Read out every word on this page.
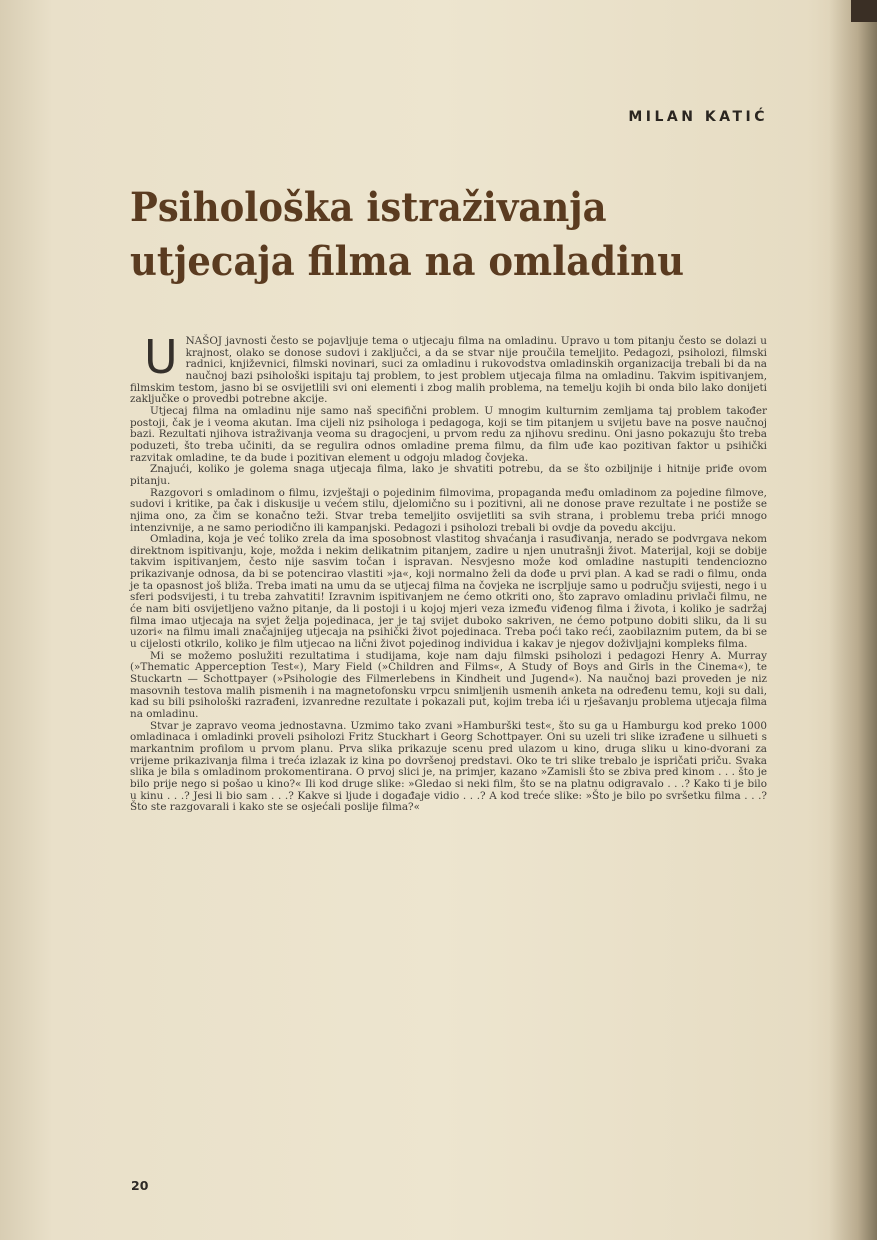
MILAN KATIĆ
Psihološka istraživanja utjecaja filma na omladinu

UNAŠOJ javnosti često se pojavljuje tema o utjecaju filma na omladinu. Upravo u tom pitanju često se dolazi u krajnost, olako se donose sudovi i zaključci, a da se stvar nije proučila temeljito. Pedagozi, psiholozi, filmski radnici, književnici, filmski novinari, suci za omladinu i rukovodstva omladinskih organizacija trebali bi da na naučnoj bazi psihološki ispitaju taj problem, to jest problem utjecaja filma na omladinu. Takvim ispitivanjem, filmskim testom, jasno bi se osvijetlili svi oni elementi i zbog malih problema, na temelju kojih bi onda bilo lako donijeti zaključke o provedbi potrebne akcije.

Utjecaj filma na omladinu nije samo naš specifični problem. U mnogim kulturnim zemljama taj problem također postoji, čak je i veoma akutan. Ima cijeli niz psihologa i pedagoga, koji se tim pitanjem u svijetu bave na posve naučnoj bazi. Rezultati njihova istraživanja veoma su dragocjeni, u prvom redu za njihovu sredinu. Oni jasno pokazuju što treba poduzeti, što treba učiniti, da se regulira odnos omladine prema filmu, da film uđe kao pozitivan faktor u psihički razvitak omladine, te da bude i pozitivan element u odgoju mladog čovjeka.

Znajući, koliko je golema snaga utjecaja filma, lako je shvatiti potrebu, da se što ozbiljnije i hitnije priđe ovom pitanju.

Razgovori s omladinom o filmu, izvještaji o pojedinim filmovima, propaganda među omladinom za pojedine filmove, sudovi i kritike, pa čak i diskusije u većem stilu, djelomično su i pozitivni, ali ne donose prave rezultate i ne postiže se njima ono, za čim se konačno teži. Stvar treba temeljito osvijetliti sa svih strana, i problemu treba prići mnogo intenzivnije, a ne samo periodično ili kampanjski. Pedagozi i psiholozi trebali bi ovdje da povedu akciju.

Omladina, koja je već toliko zrela da ima sposobnost vlastitog shvaćanja i rasuđivanja, nerado se podvrgava nekom direktnom ispitivanju, koje, možda i nekim delikatnim pitanjem, zadire u njen unutrašnji život. Materijal, koji se dobije takvim ispitivanjem, često nije sasvim točan i ispravan. Nesvjesno može kod omladine nastupiti tendenciozno prikazivanje odnosa, da bi se potencirao vlastiti »ja«, koji normalno želi da dođe u prvi plan. A kad se radi o filmu, onda je ta opasnost još bliža. Treba imati na umu da se utjecaj filma na čovjeka ne iscrpljuje samo u području svijesti, nego i u sferi podsvijesti, i tu treba zahvatiti! Izravnim ispitivanjem ne ćemo otkriti ono, što zapravo omladinu privlači filmu, ne će nam biti osvijetljeno važno pitanje, da li postoji i u kojoj mjeri veza između viđenog filma i života, i koliko je sadržaj filma imao utjecaja na svjet želja pojedinaca, jer je taj svijet duboko sakriven, ne ćemo potpuno dobiti sliku, da li su uzori« na filmu imali značajnijeg utjecaja na psihički život pojedinaca. Treba poći tako reći, zaobilaznim putem, da bi se u cijelosti otkrilo, koliko je film utjecao na lični život pojedinog individua i kakav je njegov doživljajni kompleks filma.

Mi se možemo poslužiti rezultatima i studijama, koje nam daju filmski psiholozi i pedagozi Henry A. Murray (»Thematic Apperception Test«), Mary Field (»Children and Films«, A Study of Boys and Girls in the Cinema«), te Stuckartn — Schottpayer (»Psihologie des Filmerlebens in Kindheit und Jugend«). Na naučnoj bazi proveden je niz masovnih testova malih pismenih i na magnetofonsku vrpcu snimljenih usmenih anketa na određenu temu, koji su dali, kad su bili psihološki razrađeni, izvanredne rezultate i pokazali put, kojim treba ići u rješavanju problema utjecaja filma na omladinu.

Stvar je zapravo veoma jednostavna. Uzmimo tako zvani »Hamburški test«, što su ga u Hamburgu kod preko 1000 omladinaca i omladinki proveli psiholozi Fritz Stuckhart i Georg Schottpayer. Oni su uzeli tri slike izrađene u silhueti s markantnim profilom u prvom planu. Prva slika prikazuje scenu pred ulazom u kino, druga sliku u kino-dvorani za vrijeme prikazivanja filma i treća izlazak iz kina po dovršenoj predstavi. Oko te tri slike trebalo je ispričati priču. Svaka slika je bila s omladinom prokomentirana. O prvoj slici je, na primjer, kazano »Zamisli što se zbiva pred kinom . . . što je bilo prije nego si pošao u kino?« Ili kod druge slike: »Gledao si neki film, što se na platnu odigravalo . . .? Kako ti je bilo u kinu . . .? Jesi li bio sam . . .? Kakve si ljude i događaje vidio . . .? A kod treće slike: »Što je bilo po svršetku filma . . .? Što ste razgovarali i kako ste se osjećali poslije filma?«

20
